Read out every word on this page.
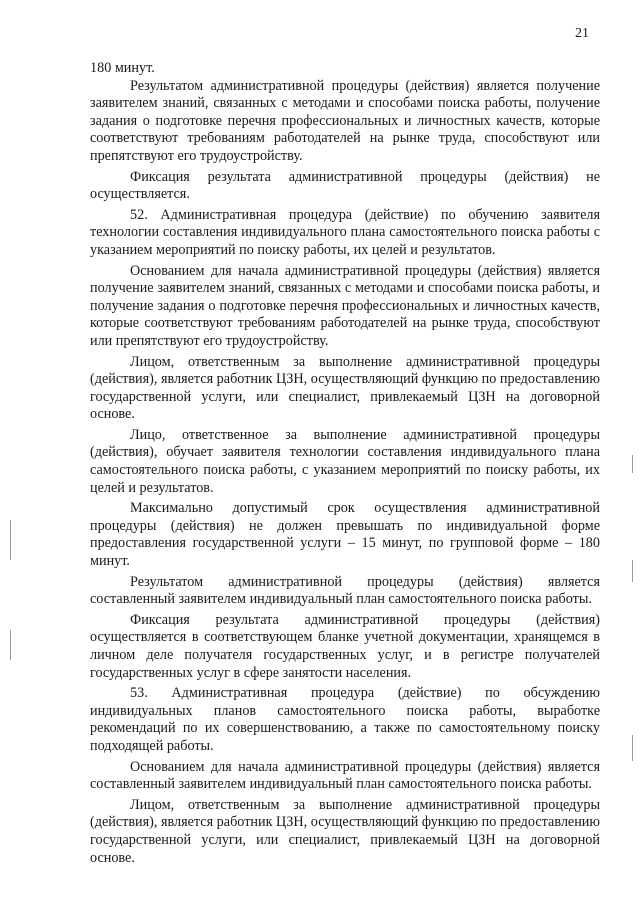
21

180 минут.

Результатом административной процедуры (действия) является получение заявителем знаний, связанных с методами и способами поиска работы, получение задания о подготовке перечня профессиональных и личностных качеств, которые соответствуют требованиям работодателей на рынке труда, способствуют или препятствуют его трудоустройству.

Фиксация результата административной процедуры (действия) не осуществляется.

52. Административная процедура (действие) по обучению заявителя технологии составления индивидуального плана самостоятельного поиска работы с указанием мероприятий по поиску работы, их целей и результатов.

Основанием для начала административной процедуры (действия) является получение заявителем знаний, связанных с методами и способами поиска работы, и получение задания о подготовке перечня профессиональных и личностных качеств, которые соответствуют требованиям работодателей на рынке труда, способствуют или препятствуют его трудоустройству.

Лицом, ответственным за выполнение административной процедуры (действия), является работник ЦЗН, осуществляющий функцию по предоставлению государственной услуги, или специалист, привлекаемый ЦЗН на договорной основе.

Лицо, ответственное за выполнение административной процедуры (действия), обучает заявителя технологии составления индивидуального плана самостоятельного поиска работы, с указанием мероприятий по поиску работы, их целей и результатов.

Максимально допустимый срок осуществления административной процедуры (действия) не должен превышать по индивидуальной форме предоставления государственной услуги – 15 минут, по групповой форме – 180 минут.

Результатом административной процедуры (действия) является составленный заявителем индивидуальный план самостоятельного поиска работы.

Фиксация результата административной процедуры (действия) осуществляется в соответствующем бланке учетной документации, хранящемся в личном деле получателя государственных услуг, и в регистре получателей государственных услуг в сфере занятости населения.

53. Административная процедура (действие) по обсуждению индивидуальных планов самостоятельного поиска работы, выработке рекомендаций по их совершенствованию, а также по самостоятельному поиску подходящей работы.

Основанием для начала административной процедуры (действия) является составленный заявителем индивидуальный план самостоятельного поиска работы.

Лицом, ответственным за выполнение административной процедуры (действия), является работник ЦЗН, осуществляющий функцию по предоставлению государственной услуги, или специалист, привлекаемый ЦЗН на договорной основе.
